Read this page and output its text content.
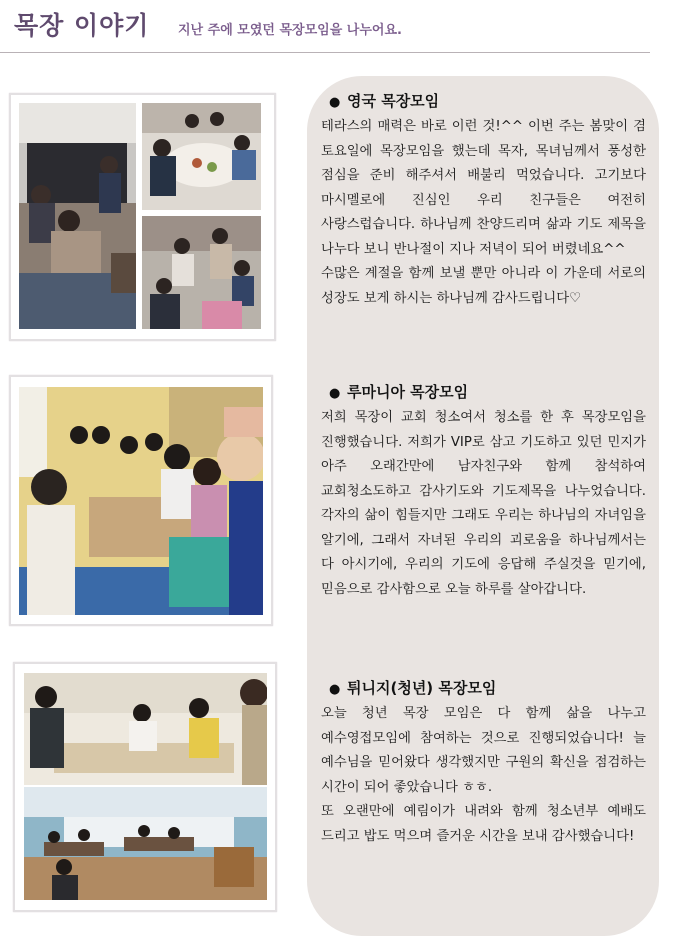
목장 이야기 지난 주에 모였던 목장모임을 나누어요.
● 영국 목장모임
테라스의 매력은 바로 이런 것!^^ 이번 주는 봄맞이 겸 토요일에 목장모임을 했는데 목자, 목녀님께서 풍성한 점심을 준비 해주셔서 배불리 먹었습니다. 고기보다 마시멜로에 진심인 우리 친구들은 여전히 사랑스럽습니다. 하나님께 찬양드리며 삶과 기도 제목을 나누다 보니 반나절이 지나 저녁이 되어 버렸네요^^
수많은 계절을 함께 보낼 뿐만 아니라 이 가운데 서로의 성장도 보게 하시는 하나님께 감사드립니다♡
● 루마니아 목장모임
저희 목장이 교회 청소여서 청소를 한 후 목장모임을 진행했습니다. 저희가 VIP로 삼고 기도하고 있던 민지가 아주 오래간만에 남자친구와 함께 참석하여 교회청소도하고 감사기도와 기도제목을 나누었습니다. 각자의 삶이 힘들지만 그래도 우리는 하나님의 자녀임을 알기에, 그래서 자녀된 우리의 괴로움을 하나님께서는 다 아시기에, 우리의 기도에 응답해 주실것을 믿기에, 믿음으로 감사함으로 오늘 하루를 살아갑니다.
● 튀니지(청년) 목장모임
오늘 청년 목장 모임은 다 함께 삶을 나누고 예수영접모임에 참여하는 것으로 진행되었습니다! 늘 예수님을 믿어왔다 생각했지만 구원의 확신을 점검하는 시간이 되어 좋았습니다 ㅎㅎ.
또 오랜만에 예림이가 내려와 함께 청소년부 예배도 드리고 밥도 먹으며 즐거운 시간을 보내 감사했습니다!
